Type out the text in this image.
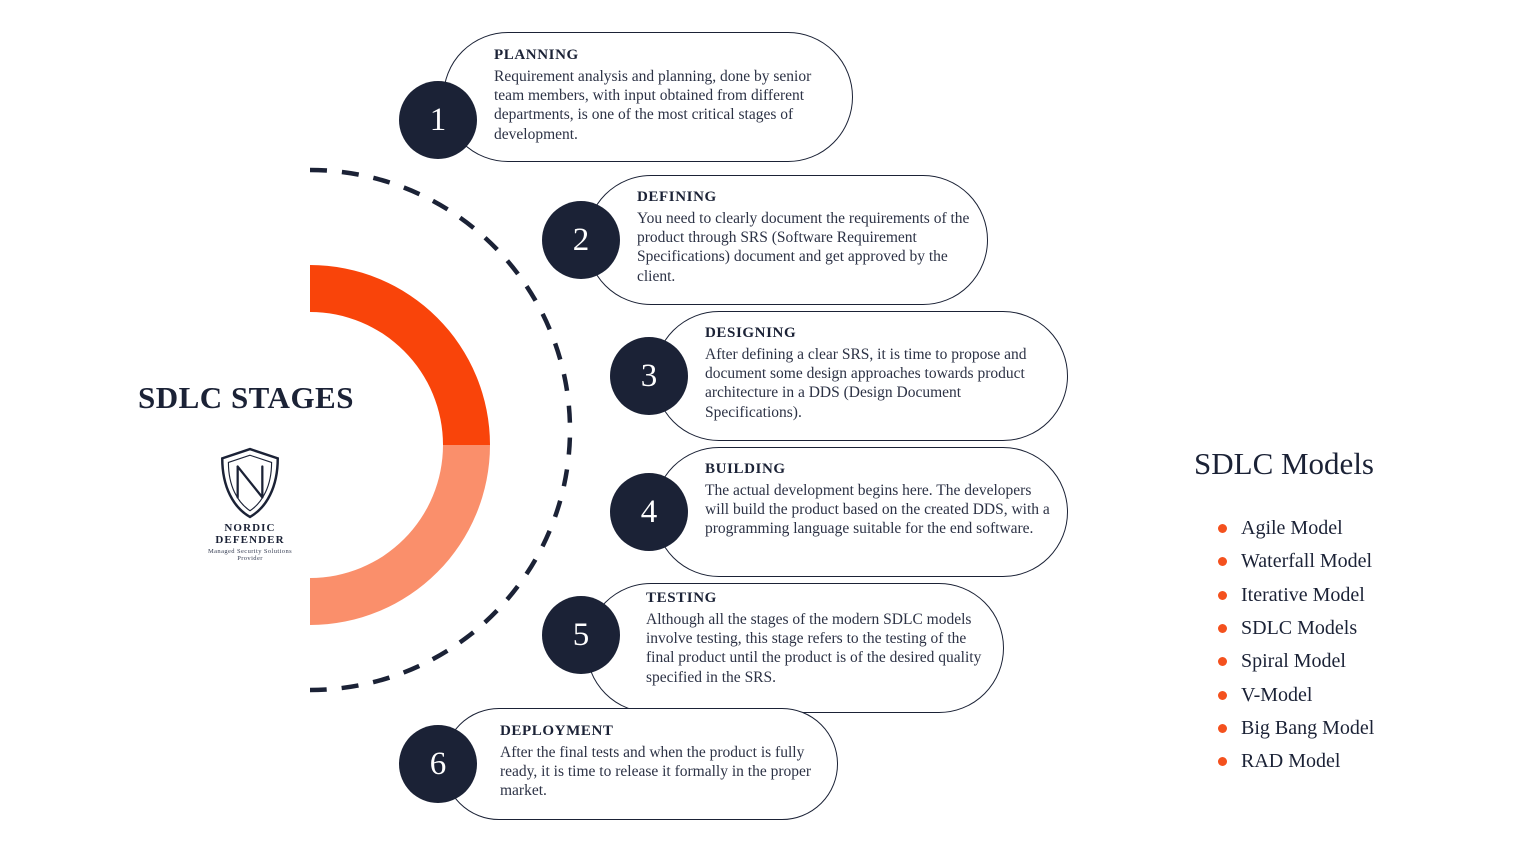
SDLC STAGES
NORDIC DEFENDER
Managed Security Solutions Provider
1
PLANNING
Requirement analysis and planning, done by senior team members, with input obtained from different departments, is one of the most critical stages of development.
2
DEFINING
You need to clearly document the requirements of the product through SRS (Software Requirement Specifications) document and get approved by the client.
3
DESIGNING
After defining a clear SRS, it is time to propose and document some design approaches towards product architecture in a DDS (Design Document Specifications).
4
BUILDING
The actual development begins here. The developers will build the product based on the created DDS, with a programming language suitable for the end software.
5
TESTING
Although all the stages of the modern SDLC models involve testing, this stage refers to the testing of the final product until the product is of the desired quality specified in the SRS.
6
DEPLOYMENT
After the final tests and when the product is fully ready, it is time to release it formally in the proper market.
SDLC Models
Agile Model
Waterfall Model
Iterative Model
SDLC Models
Spiral Model
V-Model
Big Bang Model
RAD Model
